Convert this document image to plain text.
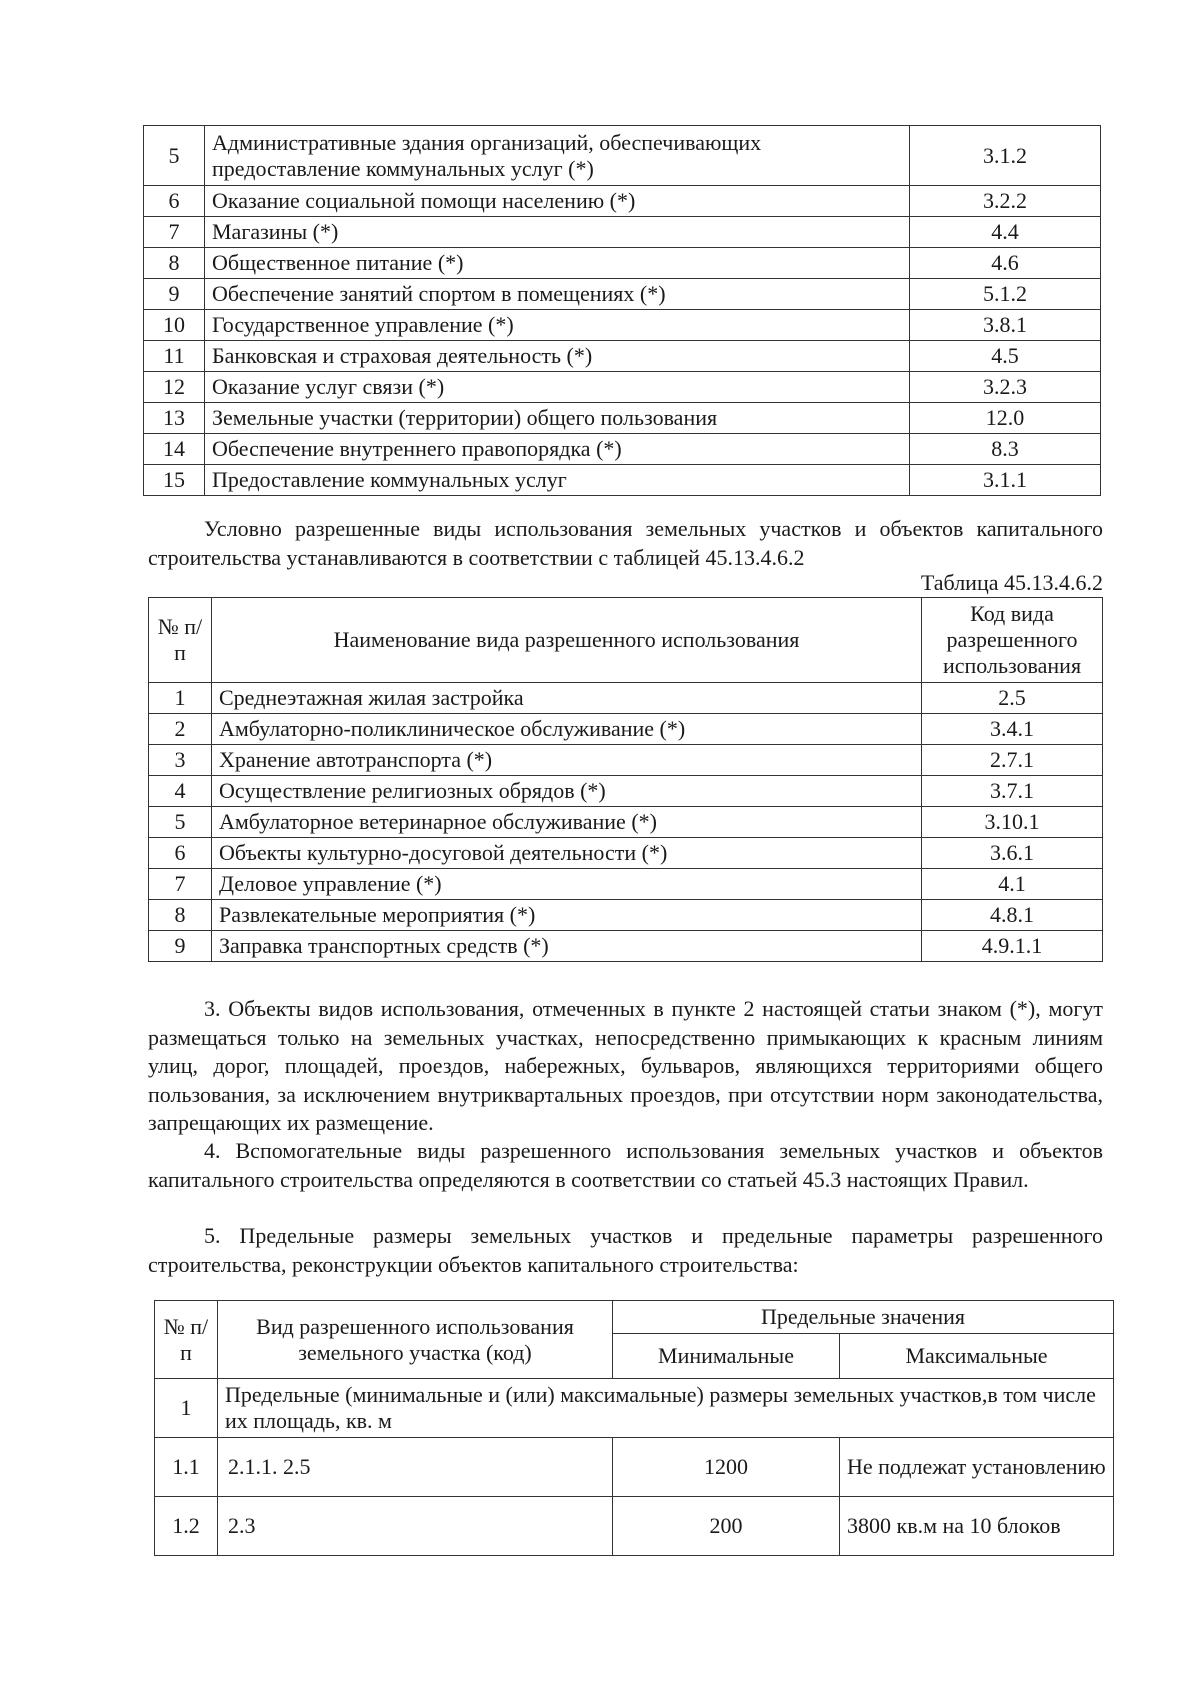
5	Административные здания организаций, обеспечивающих предоставление коммунальных услуг (*)	3.1.2
6	Оказание социальной помощи населению (*)	3.2.2
7	Магазины (*)	4.4
8	Общественное питание (*)	4.6
9	Обеспечение занятий спортом в помещениях (*)	5.1.2
10	Государственное управление (*)	3.8.1
11	Банковская и страховая деятельность (*)	4.5
12	Оказание услуг связи (*)	3.2.3
13	Земельные участки (территории) общего пользования	12.0
14	Обеспечение внутреннего правопорядка (*)	8.3
15	Предоставление коммунальных услуг	3.1.1
Условно разрешенные виды использования земельных участков и объектов капитального строительства устанавливаются в соответствии с таблицей 45.13.4.6.2
Таблица 45.13.4.6.2
№ п/п	Наименование вида разрешенного использования	Код вида разрешенного использования
1	Среднеэтажная жилая застройка	2.5
2	Амбулаторно-поликлиническое обслуживание (*)	3.4.1
3	Хранение автотранспорта (*)	2.7.1
4	Осуществление религиозных обрядов (*)	3.7.1
5	Амбулаторное ветеринарное обслуживание (*)	3.10.1
6	Объекты культурно-досуговой деятельности (*)	3.6.1
7	Деловое управление (*)	4.1
8	Развлекательные мероприятия (*)	4.8.1
9	Заправка транспортных средств (*)	4.9.1.1
3. Объекты видов использования, отмеченных в пункте 2 настоящей статьи знаком (*), могут размещаться только на земельных участках, непосредственно примыкающих к красным линиям улиц, дорог, площадей, проездов, набережных, бульваров, являющихся территориями общего пользования, за исключением внутриквартальных проездов, при отсутствии норм законодательства, запрещающих их размещение.
4. Вспомогательные виды разрешенного использования земельных участков и объектов капитального строительства определяются в соответствии со статьей 45.3 настоящих Правил.
5. Предельные размеры земельных участков и предельные параметры разрешенного строительства, реконструкции объектов капитального строительства:
№ п/п	Вид разрешенного использования земельного участка (код)	Предельные значения	
		Минимальные	Максимальные
1	Предельные (минимальные и (или) максимальные) размеры земельных участков,в том числе их площадь, кв. м		
1.1	2.1.1. 2.5	1200	Не подлежат установлению
1.2	2.3	200	3800 кв.м на 10 блоков
